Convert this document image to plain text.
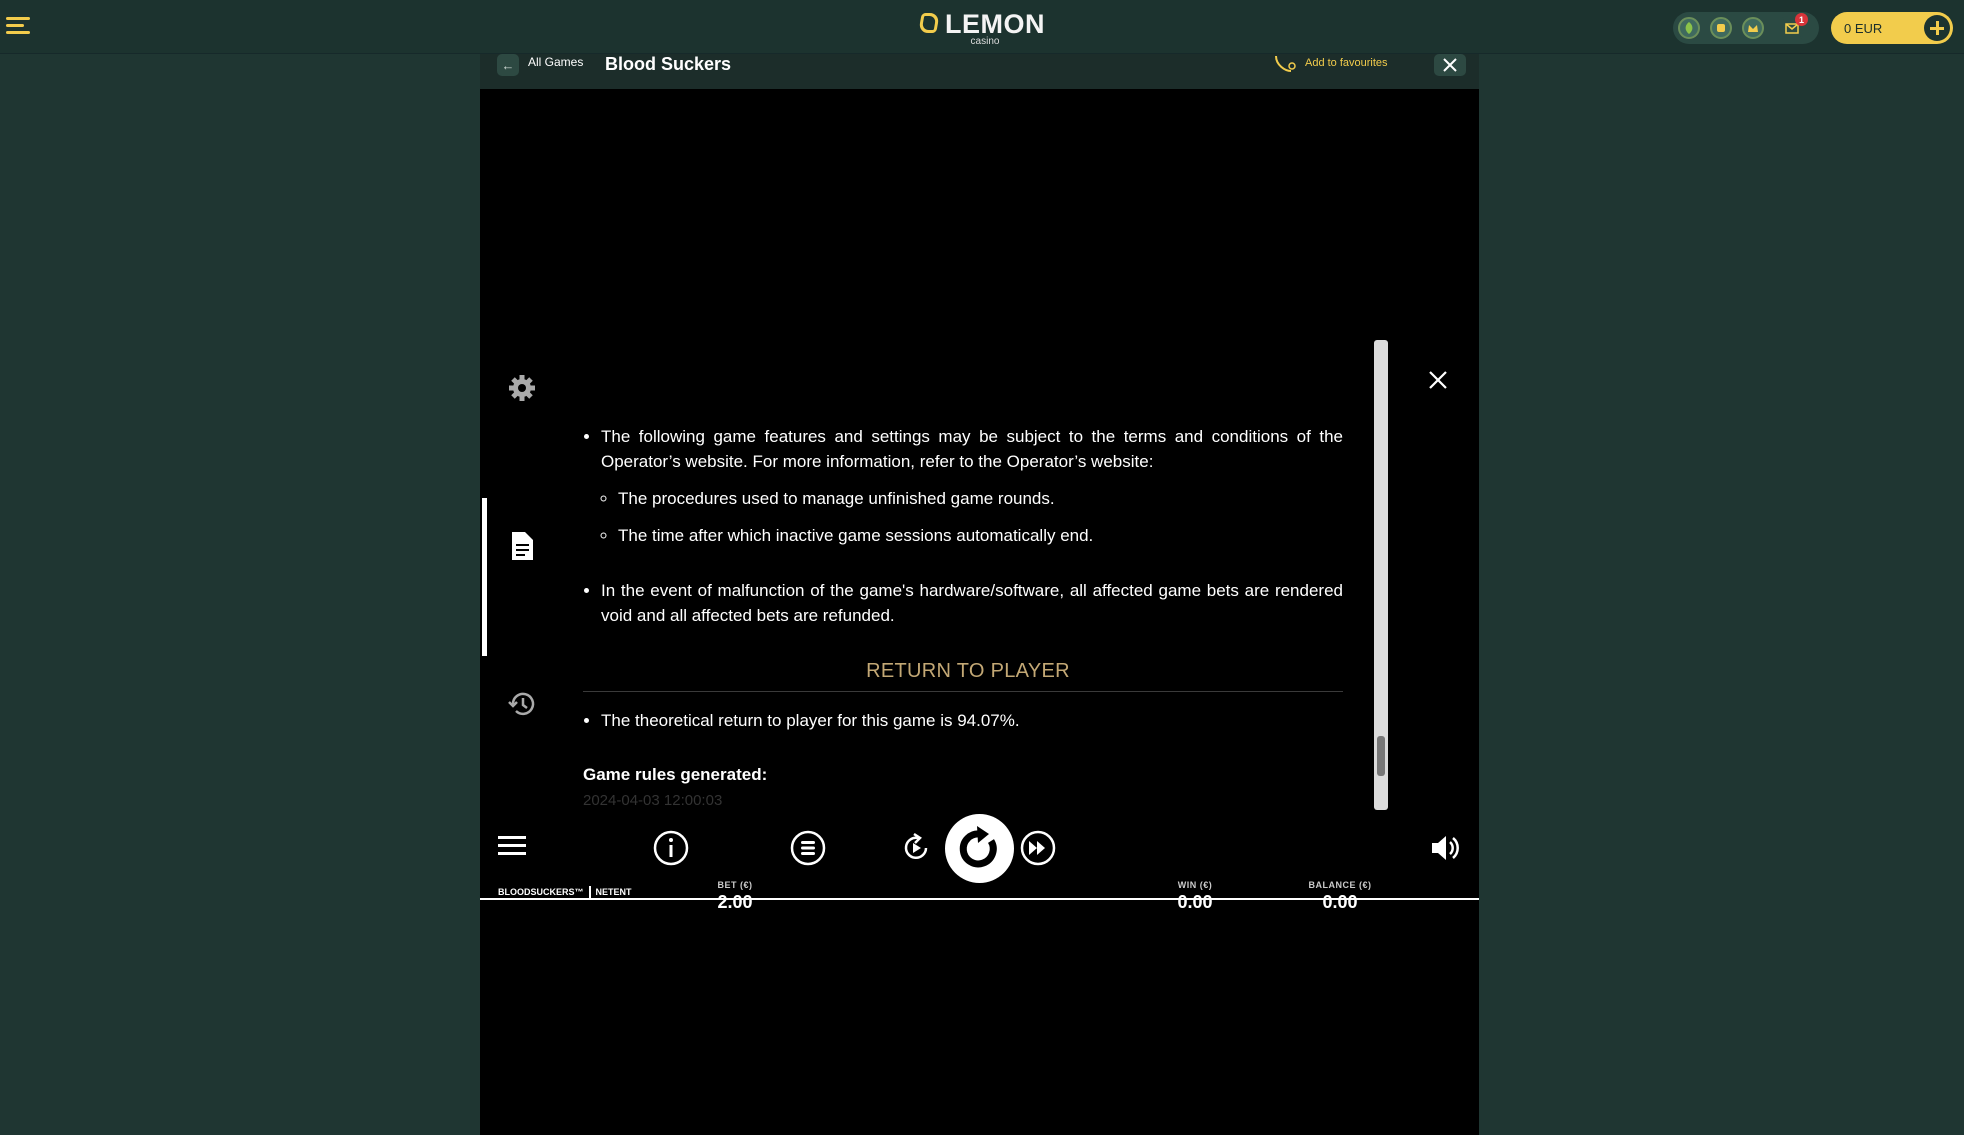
LEMON
casino
1
0 EUR
←	All Games Blood Suckers	Add to favourites
• The following game features and settings may be subject to the terms and conditions of the Operator’s website. For more information, refer to the Operator’s website:
◦ The procedures used to manage unfinished game rounds.
◦ The time after which inactive game sessions automatically end.
• In the event of malfunction of the game's hardware/software, all affected game bets are rendered void and all affected bets are refunded.
RETURN TO PLAYER
• The theoretical return to player for this game is 94.07%.
Game rules generated:
2024-04-03 12:00:03
BET (€)
2.00
WIN (€)
0.00
BALANCE (€)
0.00
BLOODSUCKERS™ NETENT
